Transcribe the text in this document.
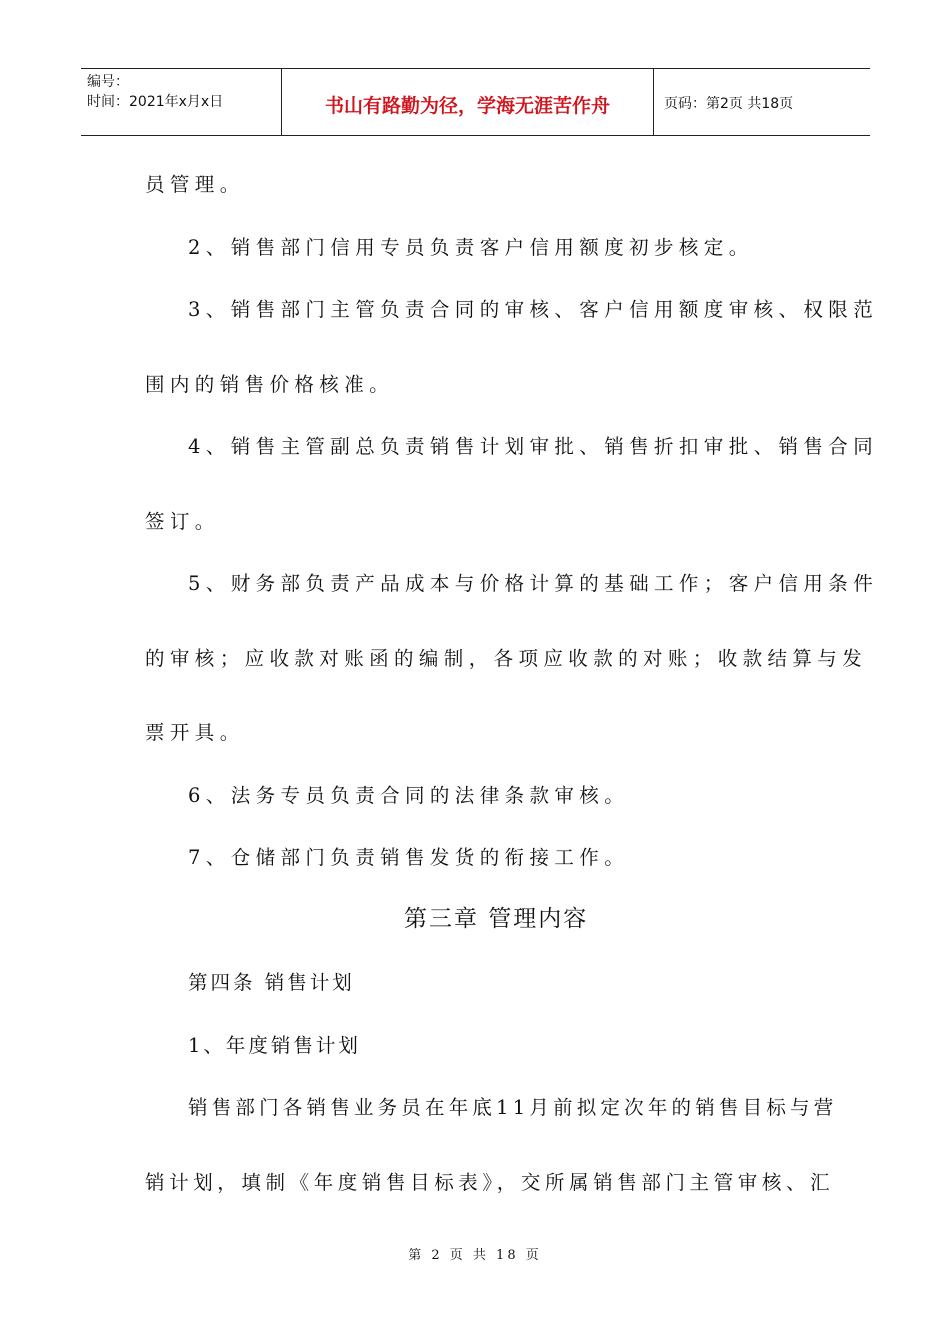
编号：
时间：2021年x月x日	书山有路勤为径，学海无涯苦作舟	页码：第2页 共18页
员管理。
2、销售部门信用专员负责客户信用额度初步核定。
3、销售部门主管负责合同的审核、客户信用额度审核、权限范
围内的销售价格核准。
4、销售主管副总负责销售计划审批、销售折扣审批、销售合同
签订。
5、财务部负责产品成本与价格计算的基础工作；客户信用条件
的审核；应收款对账函的编制，各项应收款的对账；收款结算与发
票开具。
6、法务专员负责合同的法律条款审核。
7、仓储部门负责销售发货的衔接工作。
第三章 管理内容
第四条 销售计划
1、年度销售计划
销售部门各销售业务员在年底11月前拟定次年的销售目标与营
销计划，填制《年度销售目标表》，交所属销售部门主管审核、汇
第 2 页 共 18 页
